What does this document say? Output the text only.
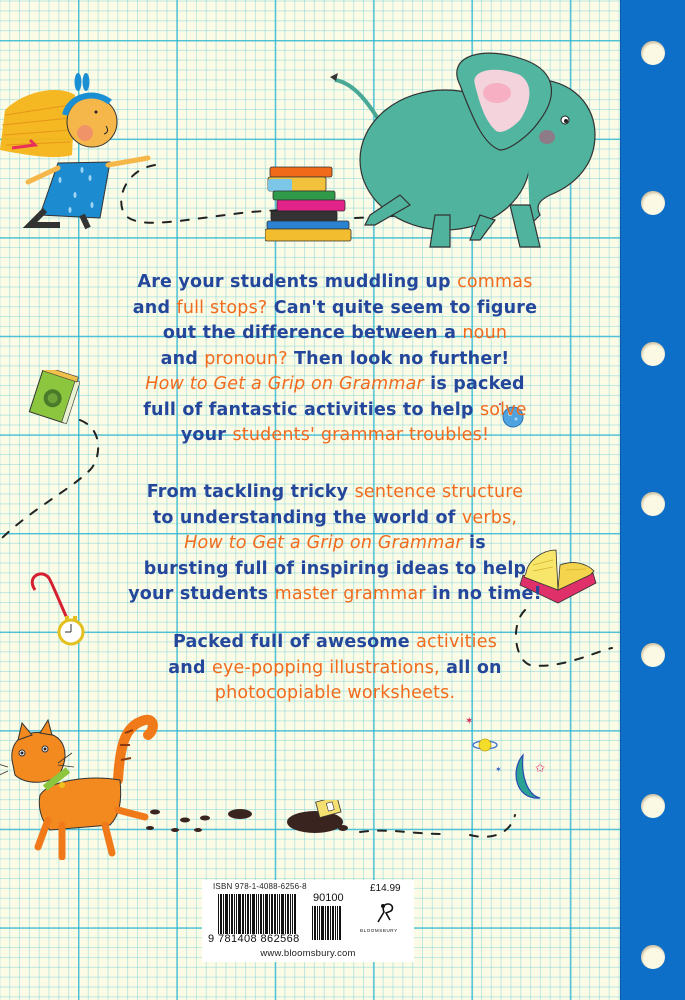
✶
✶	✩
Are your students muddling up commas
and full stops? Can't quite seem to figure
out the difference between a noun
and pronoun? Then look no further!
How to Get a Grip on Grammar is packed
full of fantastic activities to help solve
your students' grammar troubles!
From tackling tricky sentence structure
to understanding the world of verbs,
How to Get a Grip on Grammar is
bursting full of inspiring ideas to help
your students master grammar in no time!
Packed full of awesome activities
and eye-popping illustrations, all on
photocopiable worksheets.
ISBN 978-1-4088-6256-8
90100
9 781408 862568
£14.99
BLOOMSBURY
www.bloomsbury.com
